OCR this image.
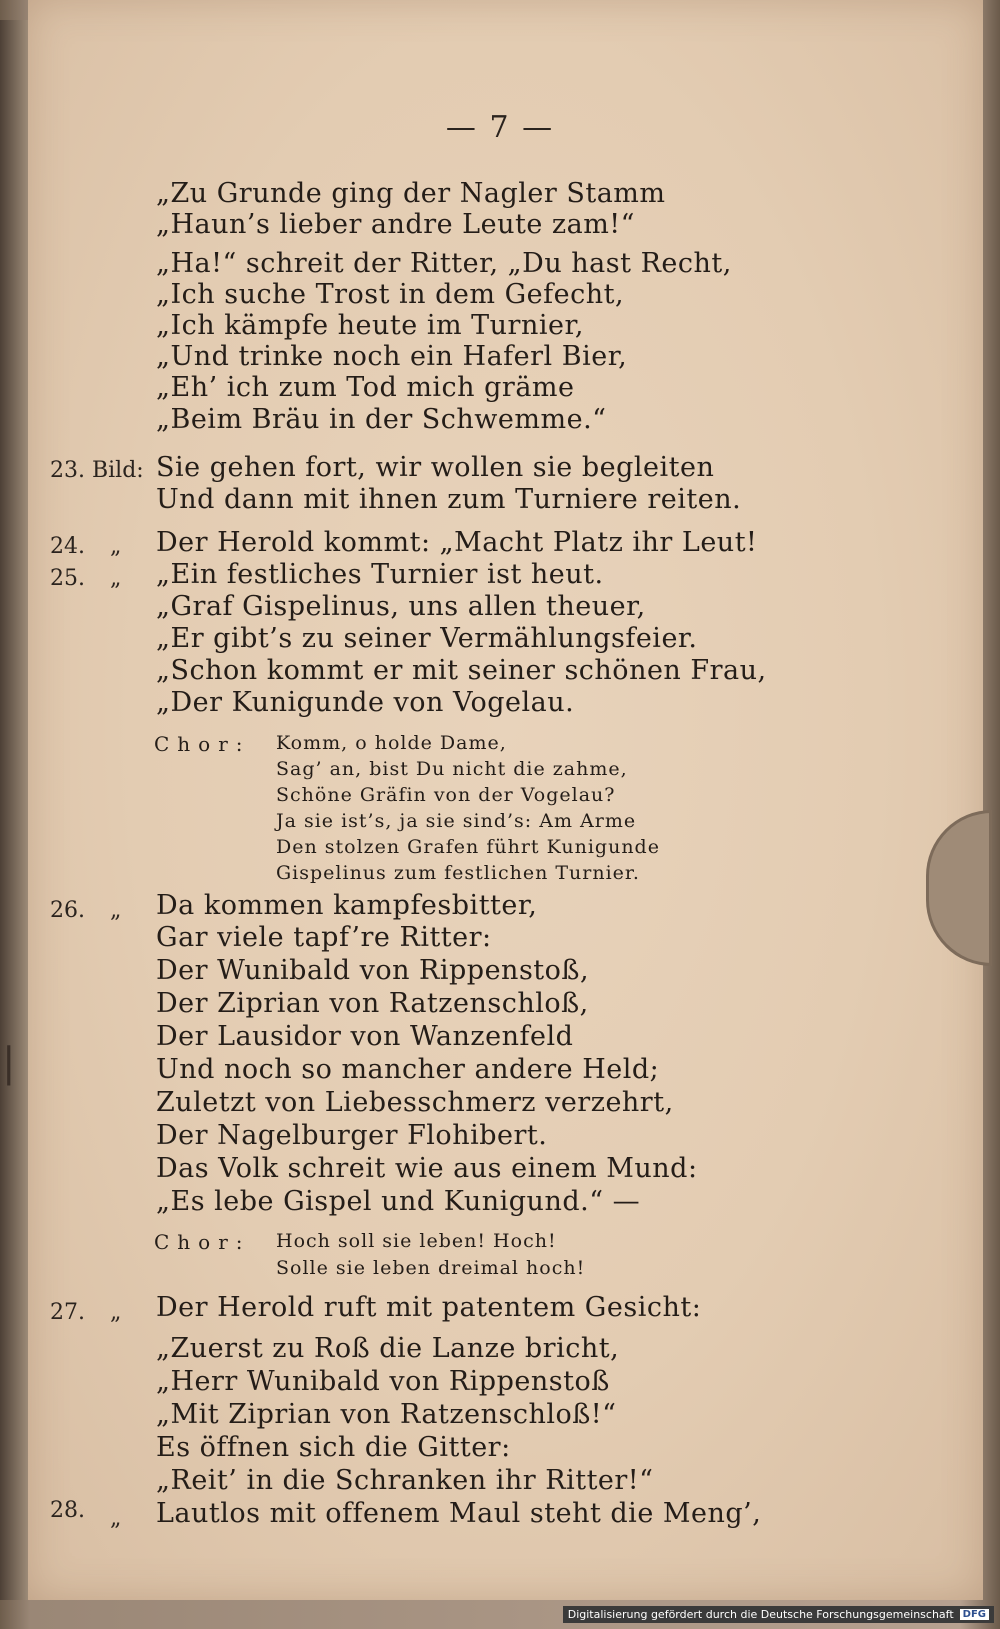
|
— 7 —
„Zu Grunde ging der Nagler Stamm
„Haun’s lieber andre Leute zam!“
„Ha!“ schreit der Ritter, „Du hast Recht,
„Ich suche Trost in dem Gefecht,
„Ich kämpfe heute im Turnier,
„Und trinke noch ein Haferl Bier,
„Eh’ ich zum Tod mich gräme
„Beim Bräu in der Schwemme.“
23. Bild: Sie gehen fort, wir wollen sie begleiten
Und dann mit ihnen zum Turniere reiten.
24. „ Der Herold kommt: „Macht Platz ihr Leut!
25. „ „Ein festliches Turnier ist heut.
„Graf Gispelinus, uns allen theuer,
„Er gibt’s zu seiner Vermählungsfeier.
„Schon kommt er mit seiner schönen Frau,
„Der Kunigunde von Vogelau.
Chor: Komm, o holde Dame,
Sag’ an, bist Du nicht die zahme,
Schöne Gräfin von der Vogelau?
Ja sie ist’s, ja sie sind’s: Am Arme
Den stolzen Grafen führt Kunigunde
Gispelinus zum festlichen Turnier.
26. „ Da kommen kampfesbitter,
Gar viele tapf’re Ritter:
Der Wunibald von Rippenstoß,
Der Ziprian von Ratzenschloß,
Der Lausidor von Wanzenfeld
Und noch so mancher andere Held;
Zuletzt von Liebesschmerz verzehrt,
Der Nagelburger Flohibert.
Das Volk schreit wie aus einem Mund:
„Es lebe Gispel und Kunigund.“ —
Chor: Hoch soll sie leben! Hoch!
Solle sie leben dreimal hoch!
27. „ Der Herold ruft mit patentem Gesicht:
„Zuerst zu Roß die Lanze bricht,
„Herr Wunibald von Rippenstoß
„Mit Ziprian von Ratzenschloß!“
Es öffnen sich die Gitter:
„Reit’ in die Schranken ihr Ritter!“
28. „ Lautlos mit offenem Maul steht die Meng’,
Digitalisierung gefördert durch die Deutsche Forschungsgemeinschaft DFG
